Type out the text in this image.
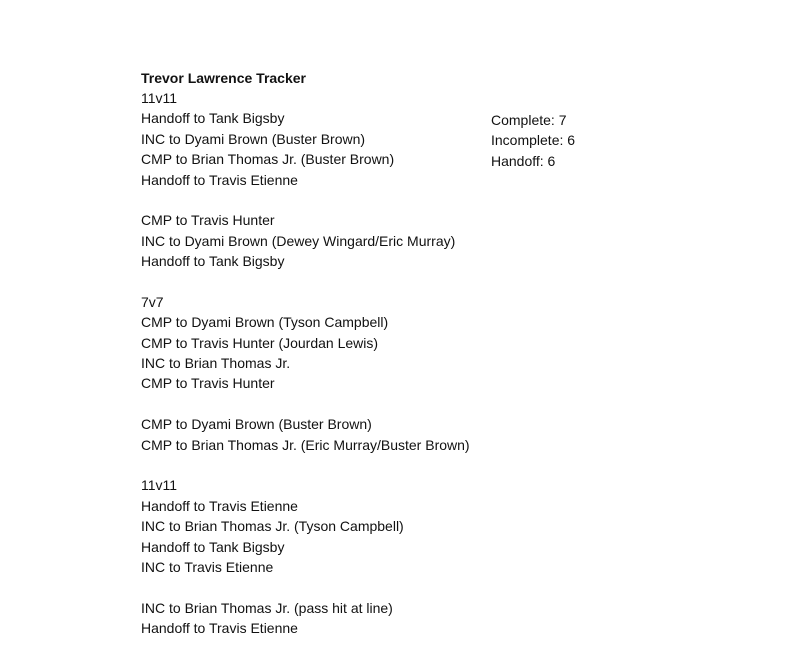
Trevor Lawrence Tracker
11v11
Handoff to Tank Bigsby
INC to Dyami Brown (Buster Brown)
CMP to Brian Thomas Jr. (Buster Brown)
Handoff to Travis Etienne
CMP to Travis Hunter
INC to Dyami Brown (Dewey Wingard/Eric Murray)
Handoff to Tank Bigsby
7v7
CMP to Dyami Brown (Tyson Campbell)
CMP to Travis Hunter (Jourdan Lewis)
INC to Brian Thomas Jr.
CMP to Travis Hunter
CMP to Dyami Brown (Buster Brown)
CMP to Brian Thomas Jr. (Eric Murray/Buster Brown)
11v11
Handoff to Travis Etienne
INC to Brian Thomas Jr. (Tyson Campbell)
Handoff to Tank Bigsby
INC to Travis Etienne
INC to Brian Thomas Jr. (pass hit at line)
Handoff to Travis Etienne
Complete: 7
Incomplete: 6
Handoff: 6
